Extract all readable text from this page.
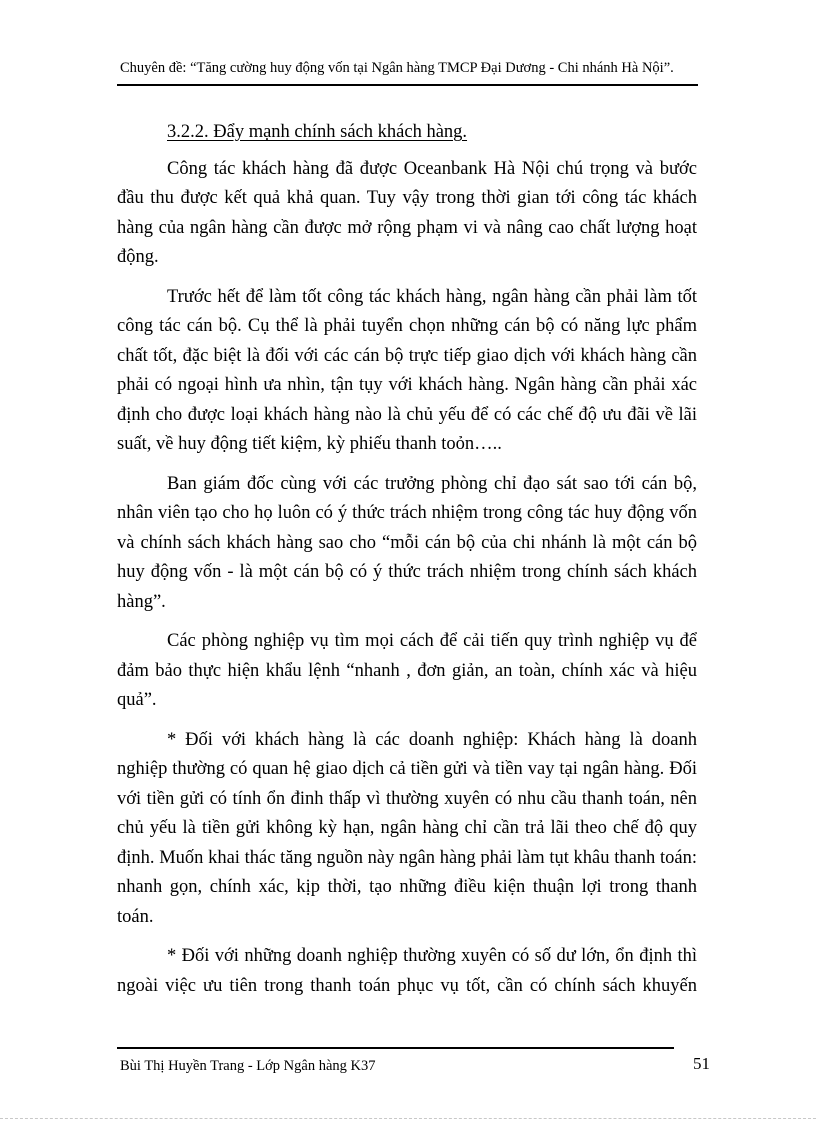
Chuyên đề: “Tăng cường huy động vốn tại Ngân hàng TMCP Đại Dương - Chi nhánh Hà Nội”.
3.2.2. Đẩy mạnh chính sách khách hàng.

Công tác khách hàng đã được Oceanbank Hà Nội chú trọng và bước đầu thu được kết quả khả quan. Tuy vậy trong thời gian tới công tác khách hàng của ngân hàng cần được mở rộng phạm vi và nâng cao chất lượng hoạt động.

Trước hết để làm tốt công tác khách hàng, ngân hàng cần phải làm tốt công tác cán bộ. Cụ thể là phải tuyển chọn những cán bộ có năng lực phẩm chất tốt, đặc biệt là đối với các cán bộ trực tiếp giao dịch với khách hàng cần phải có ngoại hình ưa nhìn, tận tụy với khách hàng. Ngân hàng cần phải xác định cho được loại khách hàng nào là chủ yếu để có các chế độ ưu đãi về lãi suất, về huy động tiết kiệm, kỳ phiếu thanh toỏn…..

Ban giám đốc cùng với các trưởng phòng chỉ đạo sát sao tới cán bộ, nhân viên tạo cho họ luôn có ý thức trách nhiệm trong công tác huy động vốn và chính sách khách hàng sao cho “mỗi cán bộ của chi nhánh là một cán bộ huy động vốn - là một cán bộ có ý thức trách nhiệm trong chính sách khách hàng”.

Các phòng nghiệp vụ tìm mọi cách để cải tiến quy trình nghiệp vụ để đảm bảo thực hiện khẩu lệnh “nhanh , đơn giản, an toàn, chính xác và hiệu quả”.

* Đối với khách hàng là các doanh nghiệp: Khách hàng là doanh nghiệp thường có quan hệ giao dịch cả tiền gửi và tiền vay tại ngân hàng. Đối với tiền gửi có tính ổn đinh thấp vì thường xuyên có nhu cầu thanh toán, nên chủ yếu là tiền gửi không kỳ hạn, ngân hàng chỉ cần trả lãi theo chế độ quy định. Muốn khai thác tăng nguồn này ngân hàng phải làm tụt khâu thanh toán: nhanh gọn, chính xác, kịp thời, tạo những điều kiện thuận lợi trong thanh toán.

* Đối với những doanh nghiệp thường xuyên có số dư lớn, ổn định thì ngoài việc ưu tiên trong thanh toán phục vụ tốt, cần có chính sách khuyến

Bùi Thị Huyền Trang - Lớp Ngân hàng K37	51
